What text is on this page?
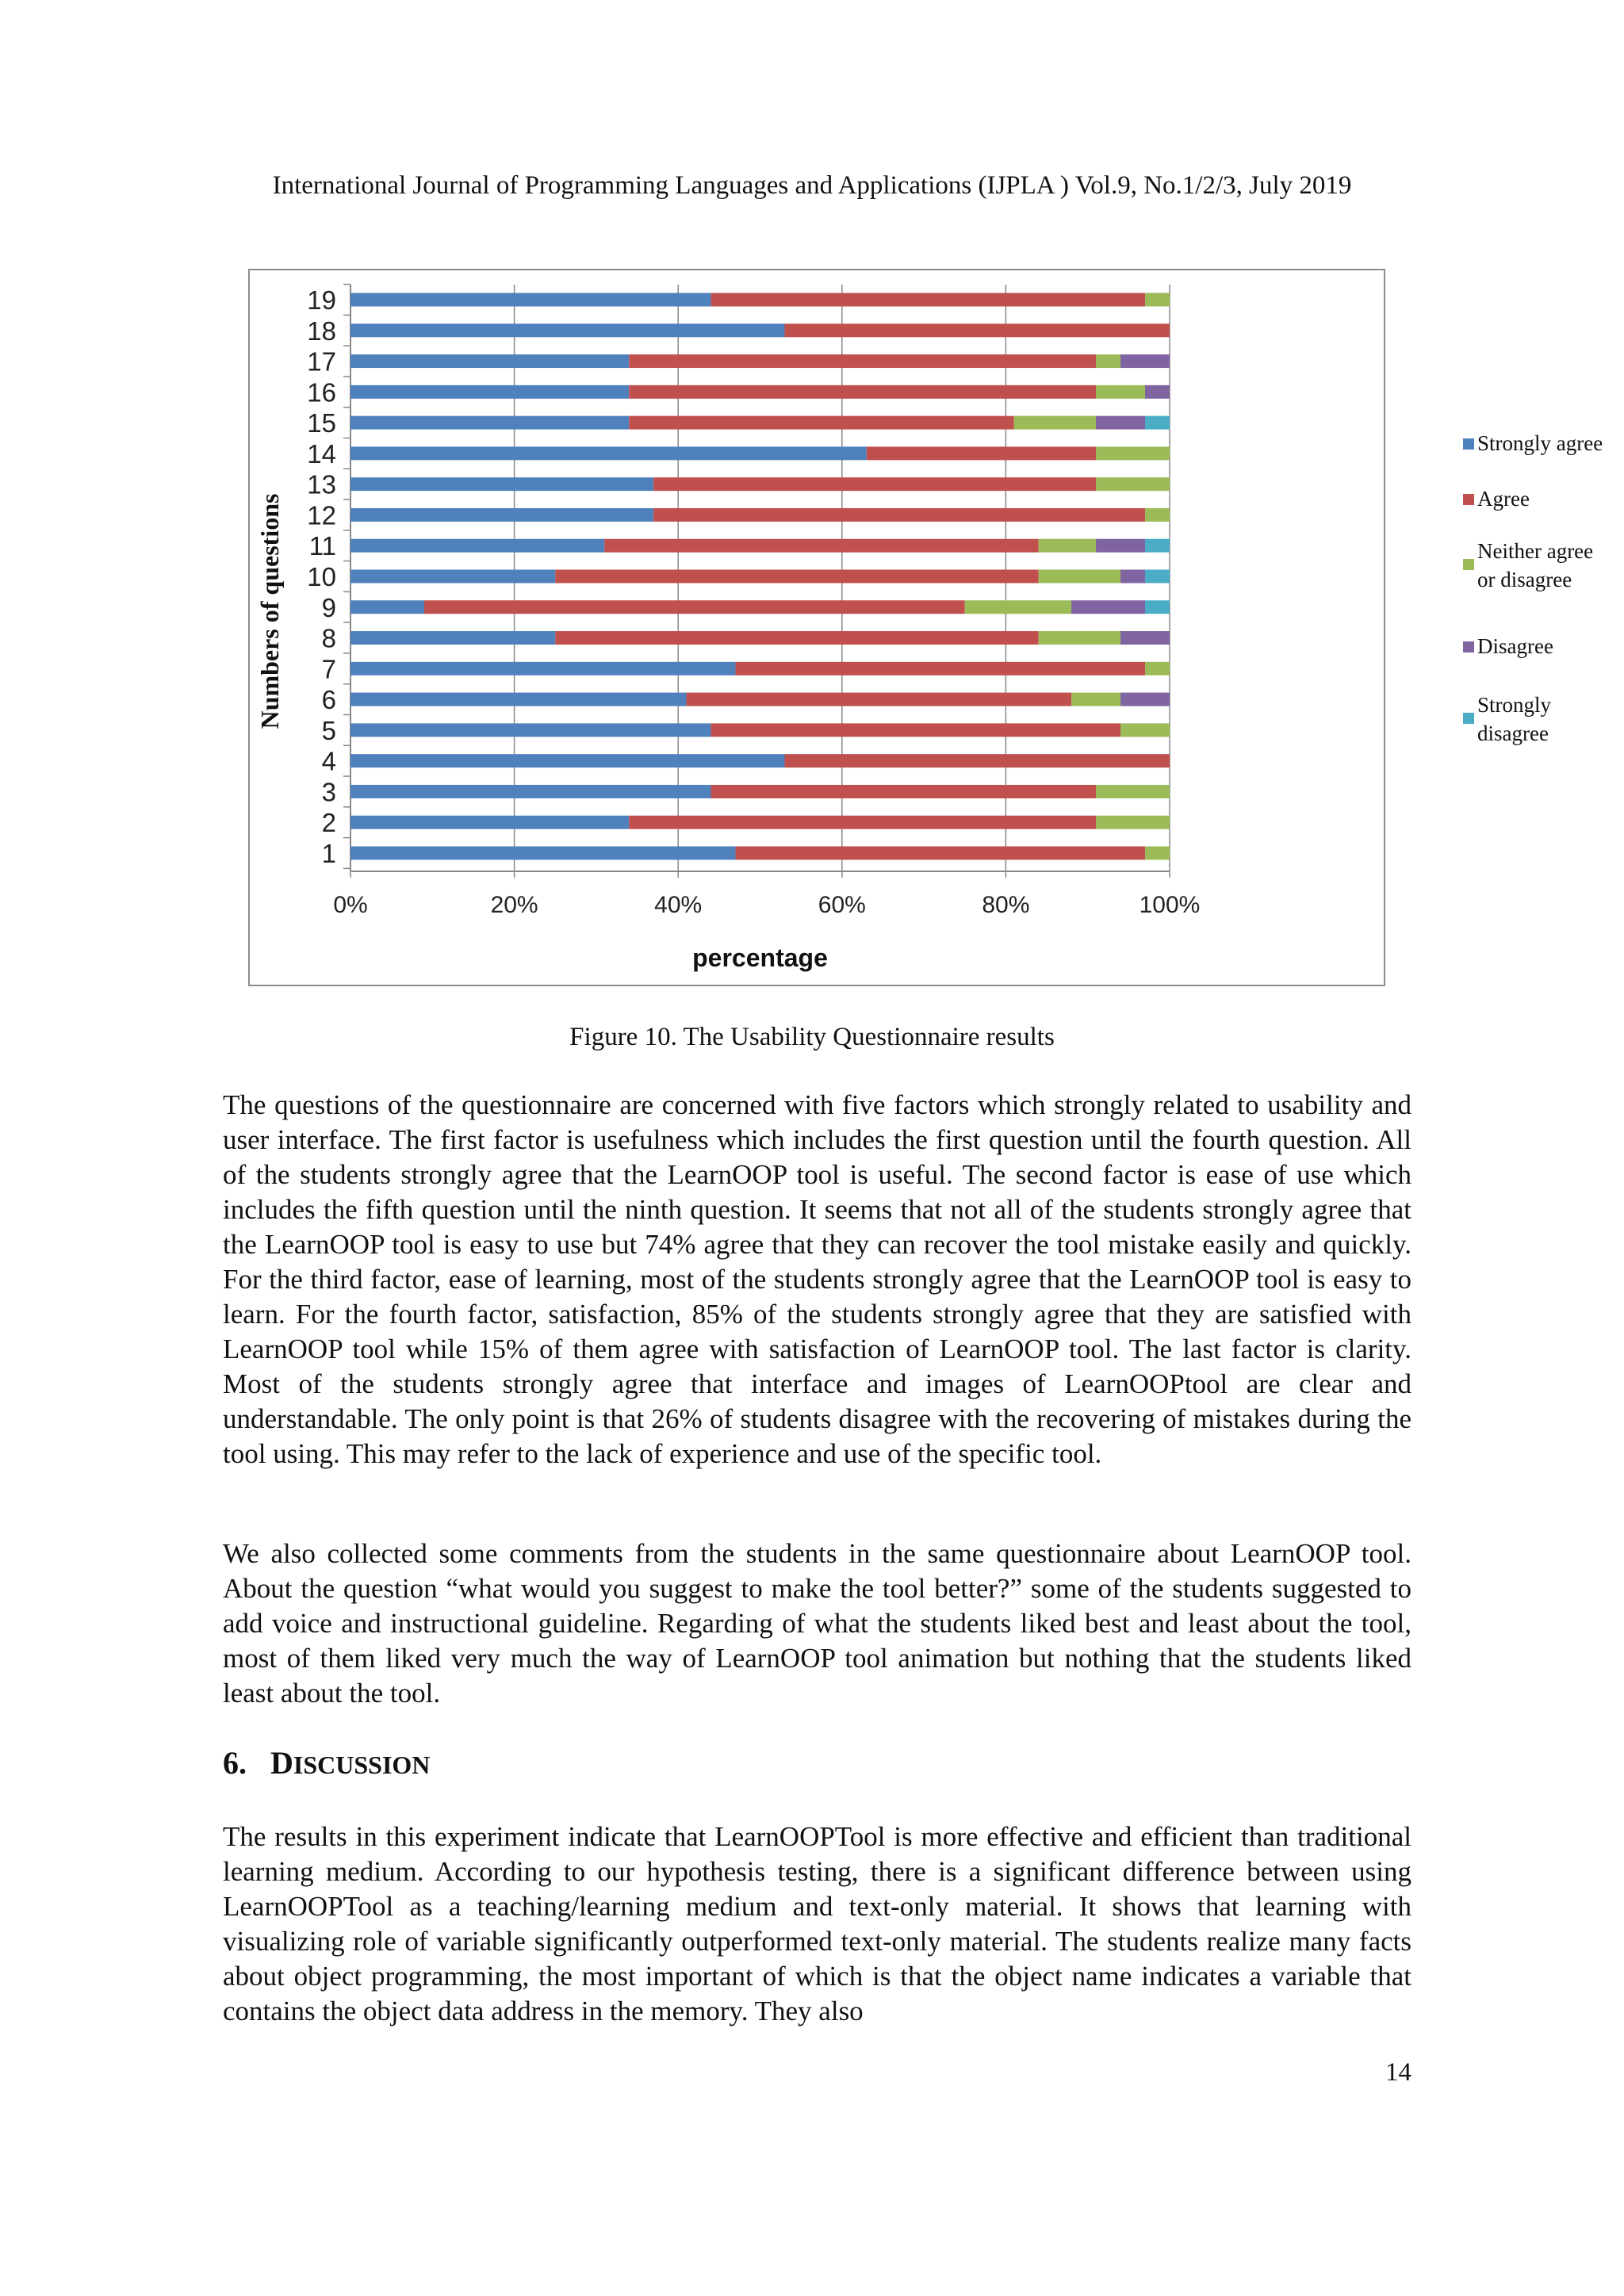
International Journal of Programming Languages and Applications (IJPLA ) Vol.9, No.1/2/3, July 2019
0%	20%	40%	60%	80%	100%
1
2
3
4
5
6
7
8
9
10
11
12
13
14
15
16
17
18
19
percentage
Numbers of questions
Strongly agree
Agree
Neither agree
or disagree
Disagree
Strongly
disagree
Figure 10. The Usability Questionnaire results

The questions of the questionnaire are concerned with five factors which strongly related to usability and user interface. The first factor is usefulness which includes the first question until the fourth question. All of the students strongly agree that the LearnOOP tool is useful. The second factor is ease of use which includes the fifth question until the ninth question. It seems that not all of the students strongly agree that the LearnOOP tool is easy to use but 74% agree that they can recover the tool mistake easily and quickly. For the third factor, ease of learning, most of the students strongly agree that the LearnOOP tool is easy to learn. For the fourth factor, satisfaction, 85% of the students strongly agree that they are satisfied with LearnOOP tool while 15% of them agree with satisfaction of LearnOOP tool. The last factor is clarity. Most of the students strongly agree that interface and images of LearnOOPtool are clear and understandable. The only point is that 26% of students disagree with the recovering of mistakes during the tool using. This may refer to the lack of experience and use of the specific tool.

We also collected some comments from the students in the same questionnaire about LearnOOP tool. About the question “what would you suggest to make the tool better?” some of the students suggested to add voice and instructional guideline. Regarding of what the students liked best and least about the tool, most of them liked very much the way of LearnOOP tool animation but nothing that the students liked least about the tool.

6. DISCUSSION

The results in this experiment indicate that LearnOOPTool is more effective and efficient than traditional learning medium. According to our hypothesis testing, there is a significant difference between using LearnOOPTool as a teaching/learning medium and text-only material. It shows that learning with visualizing role of variable significantly outperformed text-only material. The students realize many facts about object programming, the most important of which is that the object name indicates a variable that contains the object data address in the memory. They also

14
